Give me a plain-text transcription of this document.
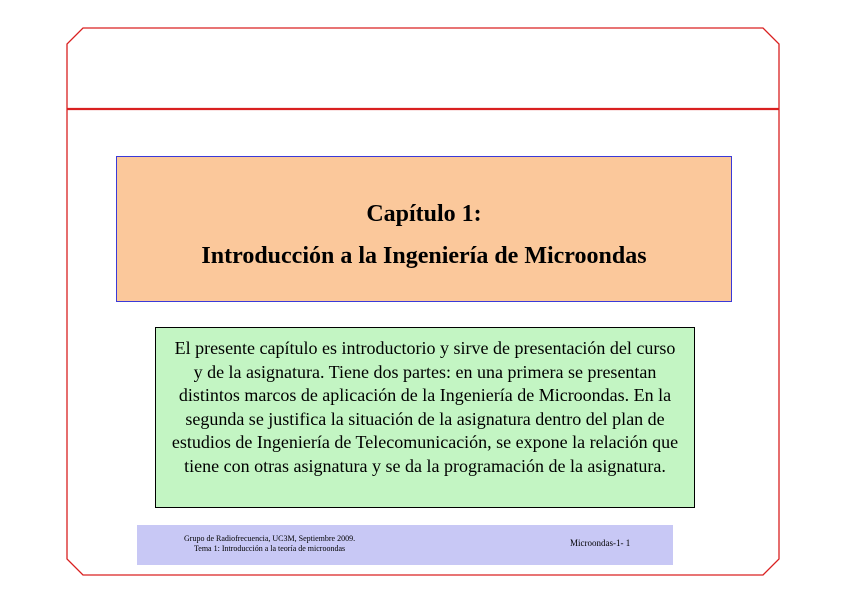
Capítulo 1:
Introducción a la Ingeniería de Microondas
El presente capítulo es introductorio y sirve de presentación del curso y de la asignatura. Tiene dos partes: en una primera se presentan distintos marcos de aplicación de la Ingeniería de Microondas. En la segunda se justifica la situación de la asignatura dentro del plan de estudios de Ingeniería de Telecomunicación, se expone la relación que tiene con otras asignatura y se da la programación de la asignatura.
Grupo de Radiofrecuencia, UC3M, Septiembre 2009.
Tema 1: Introducción a la teoría de microondas
Microondas-1- 1
